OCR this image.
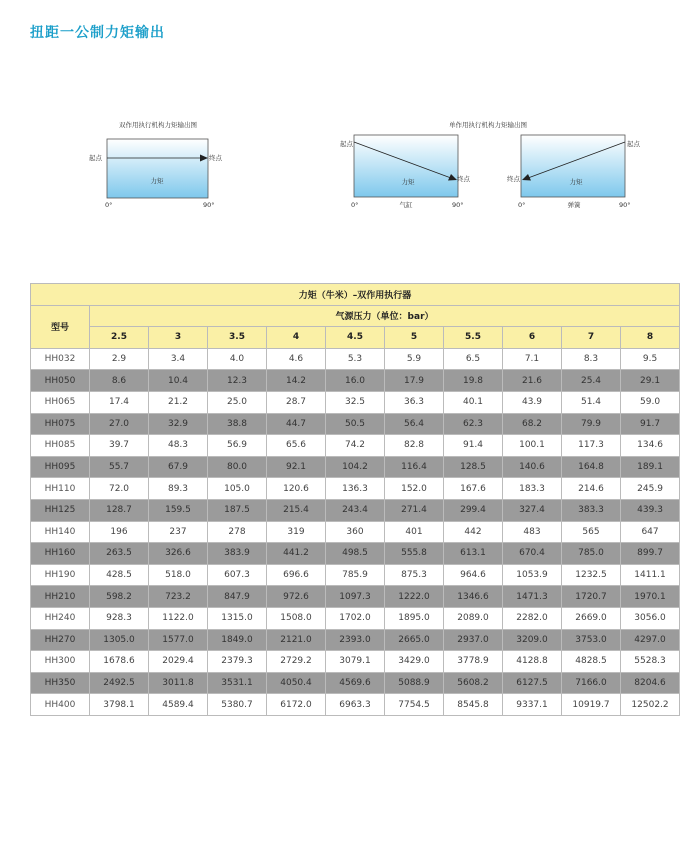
扭距一公制力矩输出
双作用执行机构力矩输出图
起点	终点
力矩
0°	90°
单作用执行机构力矩输出图
起点
终点
力矩
0°	气缸	90°
起点
终点	力矩
0°	弹簧	90°
力矩（牛米）–双作用执行器										
型号	气源压力（单位：bar）									
	2.5	3	3.5	4	4.5	5	5.5	6	7	8
HH032	2.9	3.4	4.0	4.6	5.3	5.9	6.5	7.1	8.3	9.5
HH050	8.6	10.4	12.3	14.2	16.0	17.9	19.8	21.6	25.4	29.1
HH065	17.4	21.2	25.0	28.7	32.5	36.3	40.1	43.9	51.4	59.0
HH075	27.0	32.9	38.8	44.7	50.5	56.4	62.3	68.2	79.9	91.7
HH085	39.7	48.3	56.9	65.6	74.2	82.8	91.4	100.1	117.3	134.6
HH095	55.7	67.9	80.0	92.1	104.2	116.4	128.5	140.6	164.8	189.1
HH110	72.0	89.3	105.0	120.6	136.3	152.0	167.6	183.3	214.6	245.9
HH125	128.7	159.5	187.5	215.4	243.4	271.4	299.4	327.4	383.3	439.3
HH140	196	237	278	319	360	401	442	483	565	647
HH160	263.5	326.6	383.9	441.2	498.5	555.8	613.1	670.4	785.0	899.7
HH190	428.5	518.0	607.3	696.6	785.9	875.3	964.6	1053.9	1232.5	1411.1
HH210	598.2	723.2	847.9	972.6	1097.3	1222.0	1346.6	1471.3	1720.7	1970.1
HH240	928.3	1122.0	1315.0	1508.0	1702.0	1895.0	2089.0	2282.0	2669.0	3056.0
HH270	1305.0	1577.0	1849.0	2121.0	2393.0	2665.0	2937.0	3209.0	3753.0	4297.0
HH300	1678.6	2029.4	2379.3	2729.2	3079.1	3429.0	3778.9	4128.8	4828.5	5528.3
HH350	2492.5	3011.8	3531.1	4050.4	4569.6	5088.9	5608.2	6127.5	7166.0	8204.6
HH400	3798.1	4589.4	5380.7	6172.0	6963.3	7754.5	8545.8	9337.1	10919.7	12502.2
